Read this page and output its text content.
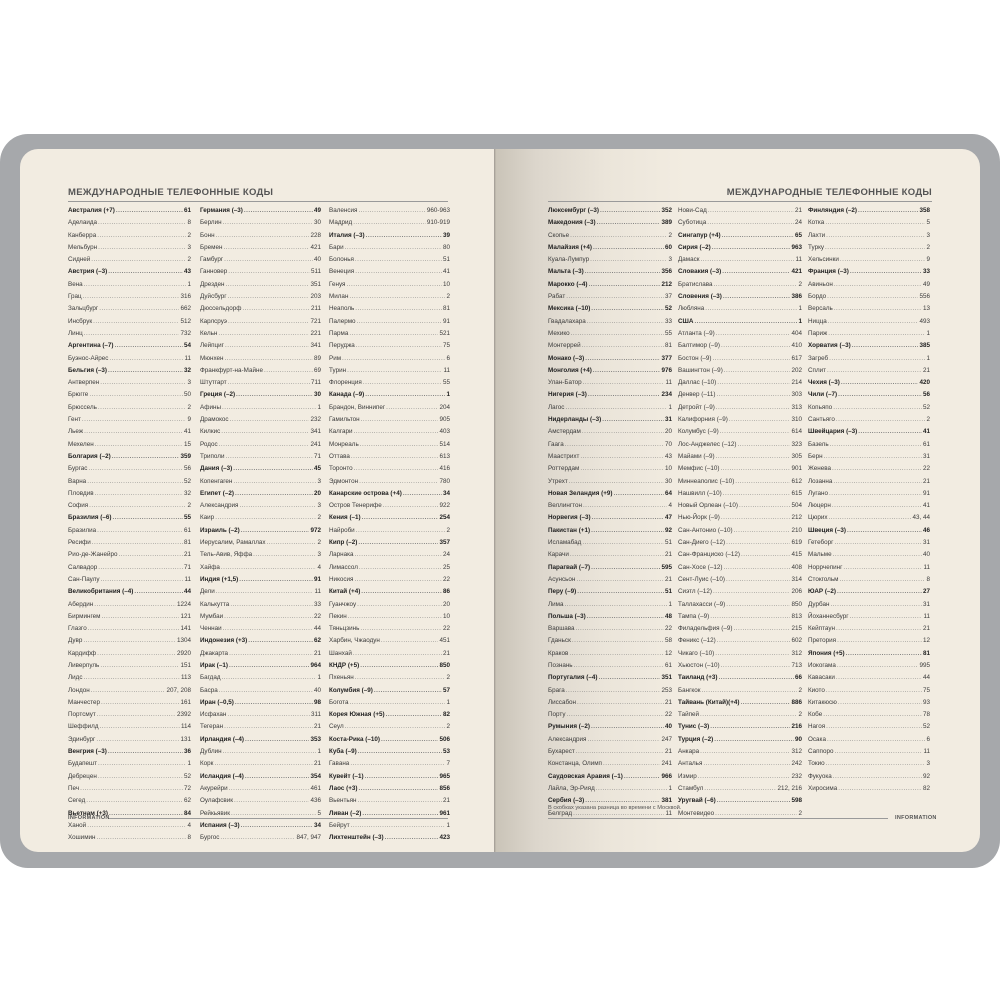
МЕЖДУНАРОДНЫЕ ТЕЛЕФОННЫЕ КОДЫ	МЕЖДУНАРОДНЫЕ ТЕЛЕФОННЫЕ КОДЫ
Австралия (+7) .....	61
Аделаида .....	8
Канберра .....	2
Мельбурн .....	3
Сидней .....	2
Австрия (–3) .....	43
Вена .....	1
Грац .....	316
Зальцбург .....	662
Инсбрук .....	512
Линц .....	732
Аргентина (–7) .....	54
Буэнос-Айрес .....	11
Бельгия (–3) .....	32
Антверпен .....	3
Брюгге .....	50
Брюссель .....	2
Гент .....	9
Льеж .....	41
Мехелен .....	15
Болгария (–2) .....	359
Бургас .....	56
Варна .....	52
Пловдив .....	32
София .....	2
Бразилия (–6) .....	55
Бразилиа .....	61
Ресифи .....	81
Рио-де-Жанейро .....	21
Салвадор .....	71
Сан-Паулу .....	11
Великобритания (–4) .....	44
Абердин .....	1224
Бирмингем .....	121
Глазго .....	141
Дувр .....	1304
Кардифф .....	2920
Ливерпуль .....	151
Лидс .....	113
Лондон .....	207, 208
Манчестер .....	161
Портсмут .....	2392
Шеффилд .....	114
Эдинбург .....	131
Венгрия (–3) .....	36
Будапешт .....	1
Дебрецен .....	52
Печ .....	72
Сегед .....	62
Вьетнам (+3) .....	84
Ханой .....	4
Хошимин .....	8
Германия (–3) .....	49
Берлин .....	30
Бонн .....	228
Бремен .....	421
Гамбург .....	40
Ганновер .....	511
Дрезден .....	351
Дуйсбург .....	203
Дюссельдорф .....	211
Карлсруэ .....	721
Кельн .....	221
Лейпциг .....	341
Мюнхен .....	89
Франкфурт-на-Майне .....	69
Штутгарт .....	711
Греция (–2) .....	30
Афины .....	1
Драмокос .....	232
Килкис .....	341
Родос .....	241
Триполи .....	71
Дания (–3) .....	45
Копенгаген .....	3
Египет (–2) .....	20
Александрия .....	3
Каир .....	2
Израиль (–2) .....	972
Иерусалим, Рамаллах .....	2
Тель-Авив, Яффа .....	3
Хайфа .....	4
Индия (+1,5) .....	91
Дели .....	11
Калькутта .....	33
Мумбаи .....	22
Ченнаи .....	44
Индонезия (+3) .....	62
Джакарта .....	21
Ирак (–1) .....	964
Багдад .....	1
Басра .....	40
Иран (–0,5) .....	98
Исфахан .....	311
Тегеран .....	21
Ирландия (–4) .....	353
Дублин .....	1
Корк .....	21
Исландия (–4) .....	354
Акурейри .....	461
Оулафсвик .....	436
Рейкьявик .....	5
Испания (–3) .....	34
Бургос .....	847, 947
Валенсия .....	960-963
Мадрид .....	910-919
Италия (–3) .....	39
Бари .....	80
Болонья .....	51
Венеция .....	41
Генуя .....	10
Милан .....	2
Неаполь .....	81
Палермо .....	91
Парма .....	521
Перуджа .....	75
Рим .....	6
Турин .....	11
Флоренция .....	55
Канада (–9) .....	1
Брандон, Виннипег .....	204
Гамильтон .....	905
Калгари .....	403
Монреаль .....	514
Оттава .....	613
Торонто .....	416
Эдмонтон .....	780
Канарские острова (+4) .....	34
Остров Тенерифе .....	922
Кения (–1) .....	254
Найроби .....	2
Кипр (–2) .....	357
Ларнака .....	24
Лимассол .....	25
Никосия .....	22
Китай (+4) .....	86
Гуанчжоу .....	20
Пекин .....	10
Тяньцзинь .....	22
Харбин, Чжаодун .....	451
Шанхай .....	21
КНДР (+5) .....	850
Пхеньян .....	2
Колумбия (–9) .....	57
Богота .....	1
Корея Южная (+5) .....	82
Сеул .....	2
Коста-Рика (–10) .....	506
Куба (–9) .....	53
Гавана .....	7
Кувейт (–1) .....	965
Лаос (+3) .....	856
Вьентьян .....	21
Ливан (–2) .....	961
Бейрут .....	1
Лихтенштейн (–3) .....	423
Люксембург (–3) .....	352
Македония (–3) .....	389
Скопье .....	2
Малайзия (+4) .....	60
Куала-Лумпур .....	3
Мальта (–3) .....	356
Марокко (–4) .....	212
Рабат .....	37
Мексика (–10) .....	52
Гвадалахара .....	33
Мехико .....	55
Монтеррей .....	81
Монако (–3) .....	377
Монголия (+4) .....	976
Улан-Батор .....	11
Нигерия (–3) .....	234
Лагос .....	1
Нидерланды (–3) .....	31
Амстердам .....	20
Гаага .....	70
Маастрихт .....	43
Роттердам .....	10
Утрехт .....	30
Новая Зеландия (+9) .....	64
Веллингтон .....	4
Норвегия (–3) .....	47
Пакистан (+1) .....	92
Исламабад .....	51
Карачи .....	21
Парагвай (–7) .....	595
Асунсьон .....	21
Перу (–9) .....	51
Лима .....	1
Польша (–3) .....	48
Варшава .....	22
Гданьск .....	58
Краков .....	12
Познань .....	61
Португалия (–4) .....	351
Брага .....	253
Лиссабон .....	21
Порту .....	22
Румыния (–2) .....	40
Александрия .....	247
Бухарест .....	21
Констанца, Олимп .....	241
Саудовская Аравия (–1) .....	966
Лайла, Эр-Рияд .....	1
Сербия (–3) .....	381
Белград .....	11
Нови-Сад .....	21
Суботица .....	24
Сингапур (+4) .....	65
Сирия (–2) .....	963
Дамаск .....	11
Словакия (–3) .....	421
Братислава .....	2
Словения (–3) .....	386
Любляна .....	1
США .....	1
Атланта (–9) .....	404
Балтимор (–9) .....	410
Бостон (–9) .....	617
Вашингтон (–9) .....	202
Даллас (–10) .....	214
Денвер (–11) .....	303
Детройт (–9) .....	313
Калифорния (–9) .....	310
Колумбус (–9) .....	614
Лос-Анджелес (–12) .....	323
Майами (–9) .....	305
Мемфис (–10) .....	901
Миннеаполис (–10) .....	612
Нашвилл (–10) .....	615
Новый Орлеан (–10) .....	504
Нью-Йорк (–9) .....	212
Сан-Антонио (–10) .....	210
Сан-Диего (–12) .....	619
Сан-Франциско (–12) .....	415
Сан-Хосе (–12) .....	408
Сент-Луис (–10) .....	314
Сиэтл (–12) .....	206
Таллахасси (–9) .....	850
Тампа (–9) .....	813
Филадельфия (–9) .....	215
Феникс (–12) .....	602
Чикаго (–10) .....	312
Хьюстон (–10) .....	713
Таиланд (+3) .....	66
Бангкок .....	2
Тайвань (Китай)(+4) .....	886
Тайпей .....	2
Тунис (–3) .....	216
Турция (–2) .....	90
Анкара .....	312
Анталья .....	242
Измир .....	232
Стамбул .....	212, 216
Уругвай (–6) .....	598
Монтевидео .....	2
Финляндия (–2) .....	358
Котка .....	5
Лахти .....	3
Турку .....	2
Хельсинки .....	9
Франция (–3) .....	33
Авиньон .....	49
Бордо .....	556
Версаль .....	13
Ницца .....	493
Париж .....	1
Хорватия (–3) .....	385
Загреб .....	1
Сплит .....	21
Чехия (–3) .....	420
Чили (–7) .....	56
Копьяпо .....	52
Сантьяго .....	2
Швейцария (–3) .....	41
Базель .....	61
Берн .....	31
Женева .....	22
Лозанна .....	21
Лугано .....	91
Люцерн .....	41
Цюрих .....	43, 44
Швеция (–3) .....	46
Гетеборг .....	31
Мальме .....	40
Норрчепинг .....	11
Стокгольм .....	8
ЮАР (–2) .....	27
Дурбан .....	31
Йоханнесбург .....	11
Кейптаун .....	21
Претория .....	12
Япония (+5) .....	81
Иокогама .....	995
Кавасаки .....	44
Киото .....	75
Китакюсю .....	93
Кобе .....	78
Нагоя .....	52
Осака .....	6
Саппоро .....	11
Токио .....	3
Фукуока .....	92
Хиросима .....	82
В скобках указана разница во времени с Москвой.
INFORMATION	INFORMATION
